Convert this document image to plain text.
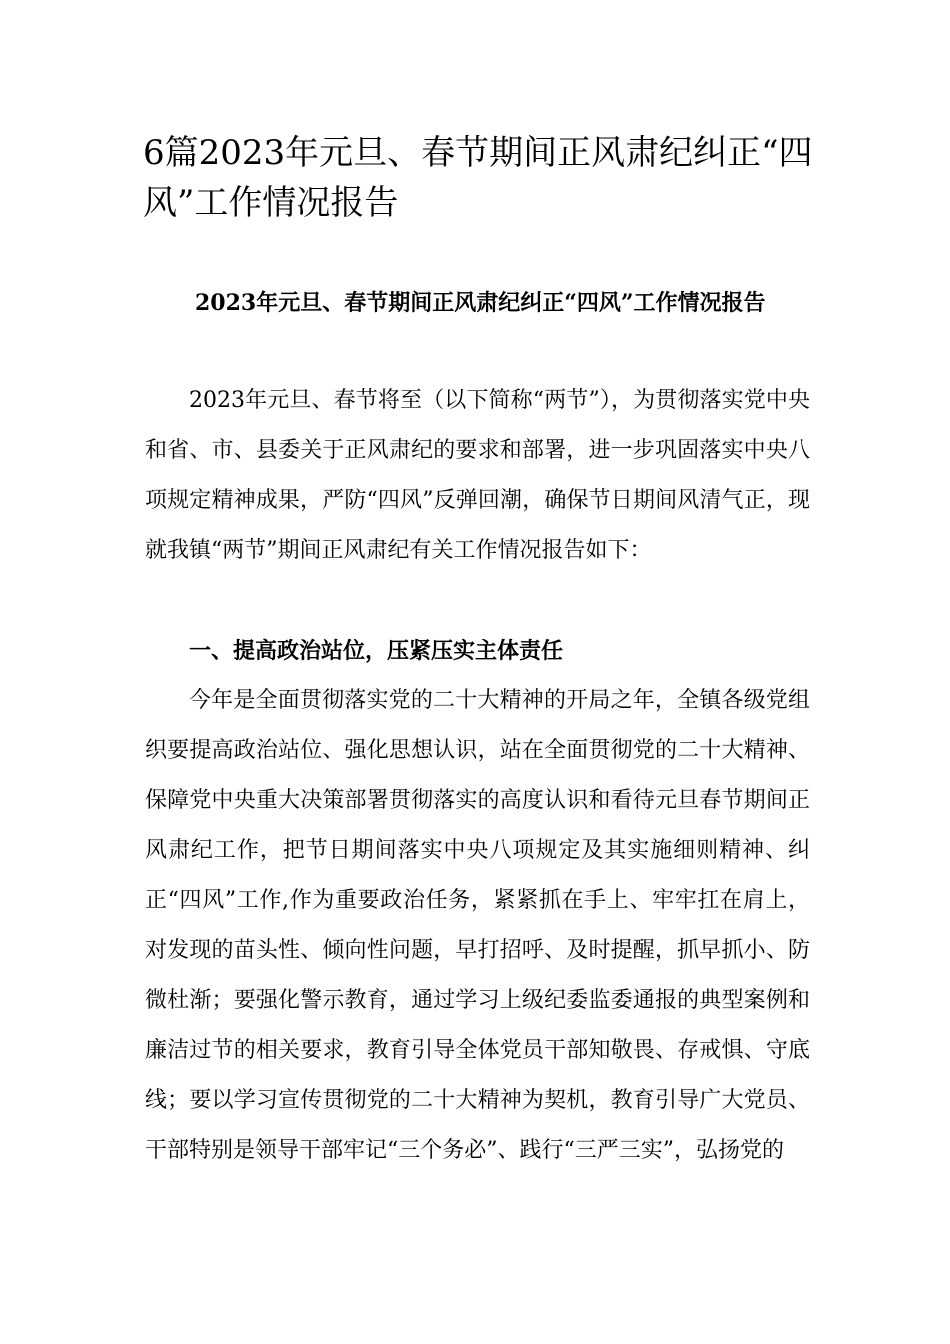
6篇2023年元旦、春节期间正风肃纪纠正“四风”工作情况报告

2023年元旦、春节期间正风肃纪纠正“四风”工作情况报告

2023年元旦、春节将至（以下简称“两节”），为贯彻落实党中央和省、市、县委关于正风肃纪的要求和部署，进一步巩固落实中央八项规定精神成果，严防“四风”反弹回潮，确保节日期间风清气正，现就我镇“两节”期间正风肃纪有关工作情况报告如下：

一、提高政治站位，压紧压实主体责任

今年是全面贯彻落实党的二十大精神的开局之年，全镇各级党组织要提高政治站位、强化思想认识，站在全面贯彻党的二十大精神、保障党中央重大决策部署贯彻落实的高度认识和看待元旦春节期间正风肃纪工作，把节日期间落实中央八项规定及其实施细则精神、纠正“四风”工作,作为重要政治任务，紧紧抓在手上、牢牢扛在肩上，对发现的苗头性、倾向性问题，早打招呼、及时提醒，抓早抓小、防微杜渐；要强化警示教育，通过学习上级纪委监委通报的典型案例和廉洁过节的相关要求，教育引导全体党员干部知敬畏、存戒惧、守底线；要以学习宣传贯彻党的二十大精神为契机，教育引导广大党员、干部特别是领导干部牢记“三个务必”、践行“三严三实”，弘扬党的
